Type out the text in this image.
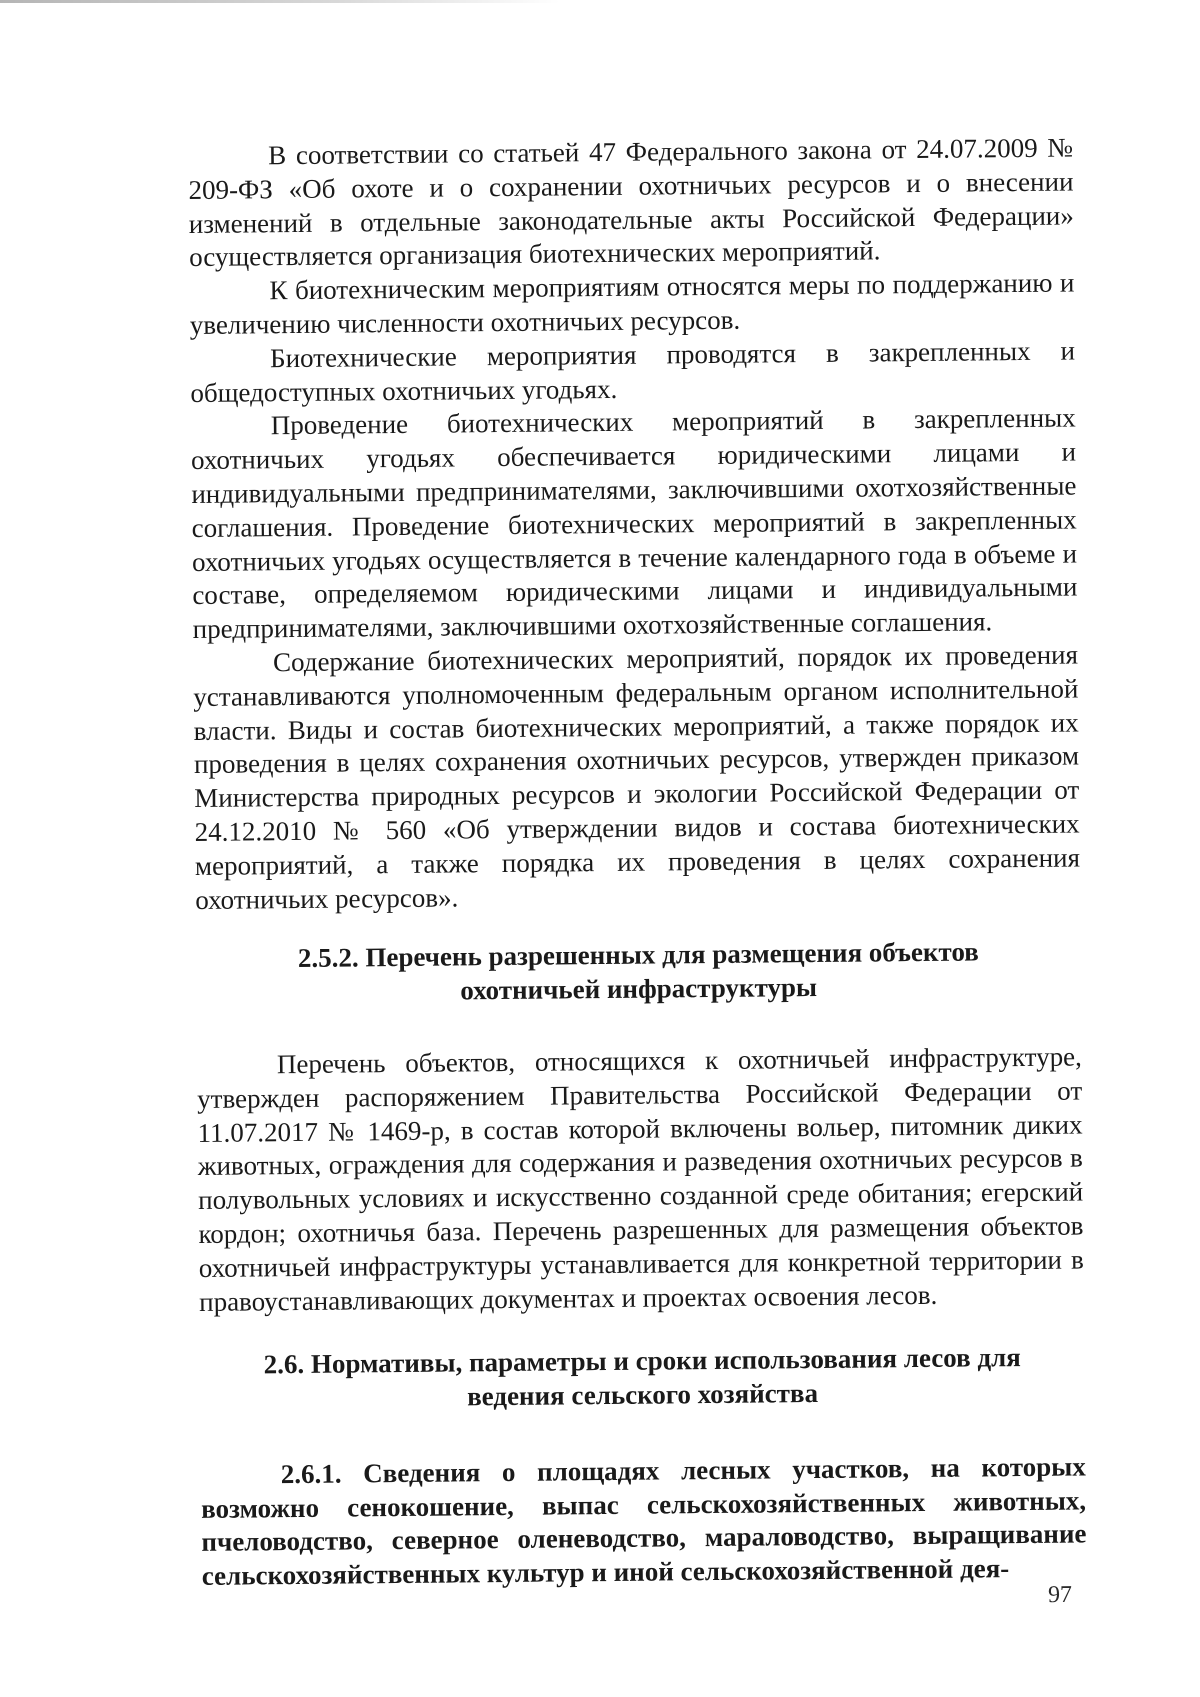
В соответствии со статьей 47 Федерального закона от 24.07.2009 № 209-ФЗ «Об охоте и о сохранении охотничьих ресурсов и о внесении изменений в отдельные законодательные акты Российской Федерации» осуществляется организация биотехнических мероприятий.

К биотехническим мероприятиям относятся меры по поддержанию и увеличению численности охотничьих ресурсов.

Биотехнические мероприятия проводятся в закрепленных и общедоступных охотничьих угодьях.

Проведение биотехнических мероприятий в закрепленных охотничьих угодьях обеспечивается юридическими лицами и индивидуальными предпринимателями, заключившими охотхозяйственные соглашения. Проведение биотехнических мероприятий в закрепленных охотничьих угодьях осуществляется в течение календарного года в объеме и составе, определяемом юридическими лицами и индивидуальными предпринимателями, заключившими охотхозяйственные соглашения.

Содержание биотехнических мероприятий, порядок их проведения устанавливаются уполномоченным федеральным органом исполнительной власти. Виды и состав биотехнических мероприятий, а также порядок их проведения в целях сохранения охотничьих ресурсов, утвержден приказом Министерства природных ресурсов и экологии Российской Федерации от 24.12.2010 № 560 «Об утверждении видов и состава биотехнических мероприятий, а также порядка их проведения в целях сохранения охотничьих ресурсов».

2.5.2. Перечень разрешенных для размещения объектов

охотничьей инфраструктуры

Перечень объектов, относящихся к охотничьей инфраструктуре, утвержден распоряжением Правительства Российской Федерации от 11.07.2017 № 1469-р, в состав которой включены вольер, питомник диких животных, ограждения для содержания и разведения охотничьих ресурсов в полувольных условиях и искусственно созданной среде обитания; егерский кордон; охотничья база. Перечень разрешенных для размещения объектов охотничьей инфраструктуры устанавливается для конкретной территории в правоустанавливающих документах и проектах освоения лесов.

2.6. Нормативы, параметры и сроки использования лесов для

ведения сельского хозяйства

2.6.1. Сведения о площадях лесных участков, на которых возможно сенокошение, выпас сельскохозяйственных животных, пчеловодство, северное оленеводство, мараловодство, выращивание сельскохозяйственных культур и иной сельскохозяйственной дея-

97
